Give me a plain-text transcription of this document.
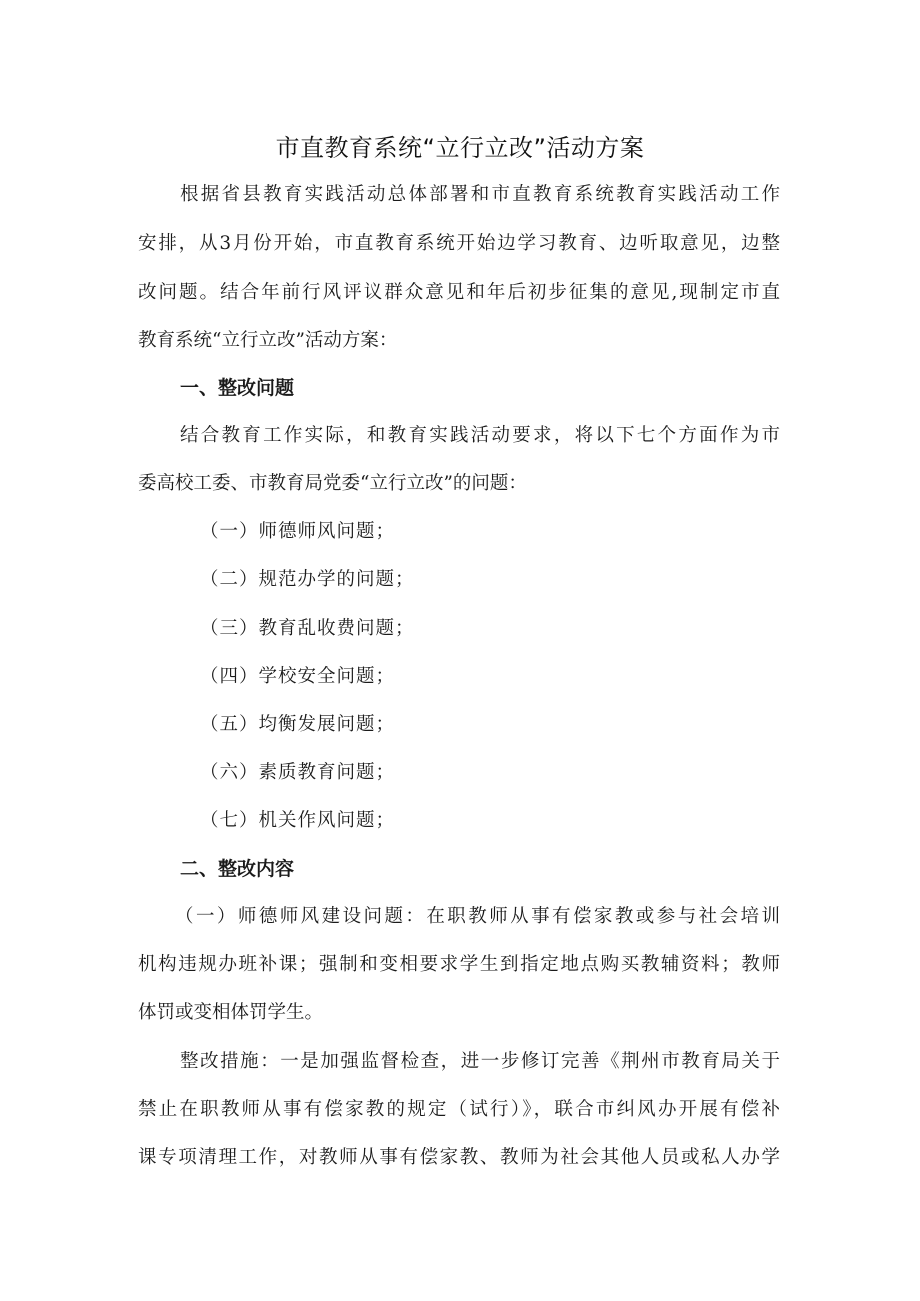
市直教育系统“立行立改”活动方案
根据省县教育实践活动总体部署和市直教育系统教育实践活动工作
安排，从3月份开始，市直教育系统开始边学习教育、边听取意见，边整
改问题。结合年前行风评议群众意见和年后初步征集的意见,现制定市直
教育系统“立行立改”活动方案：
一、整改问题
结合教育工作实际，和教育实践活动要求，将以下七个方面作为市
委高校工委、市教育局党委“立行立改”的问题：
（一）师德师风问题；
（二）规范办学的问题；
（三）教育乱收费问题；
（四）学校安全问题；
（五）均衡发展问题；
（六）素质教育问题；
（七）机关作风问题；
二、整改内容
（一）师德师风建设问题：在职教师从事有偿家教或参与社会培训
机构违规办班补课；强制和变相要求学生到指定地点购买教辅资料；教师
体罚或变相体罚学生。
整改措施：一是加强监督检查，进一步修订完善《荆州市教育局关于
禁止在职教师从事有偿家教的规定（试行）》，联合市纠风办开展有偿补
课专项清理工作，对教师从事有偿家教、教师为社会其他人员或私人办学
